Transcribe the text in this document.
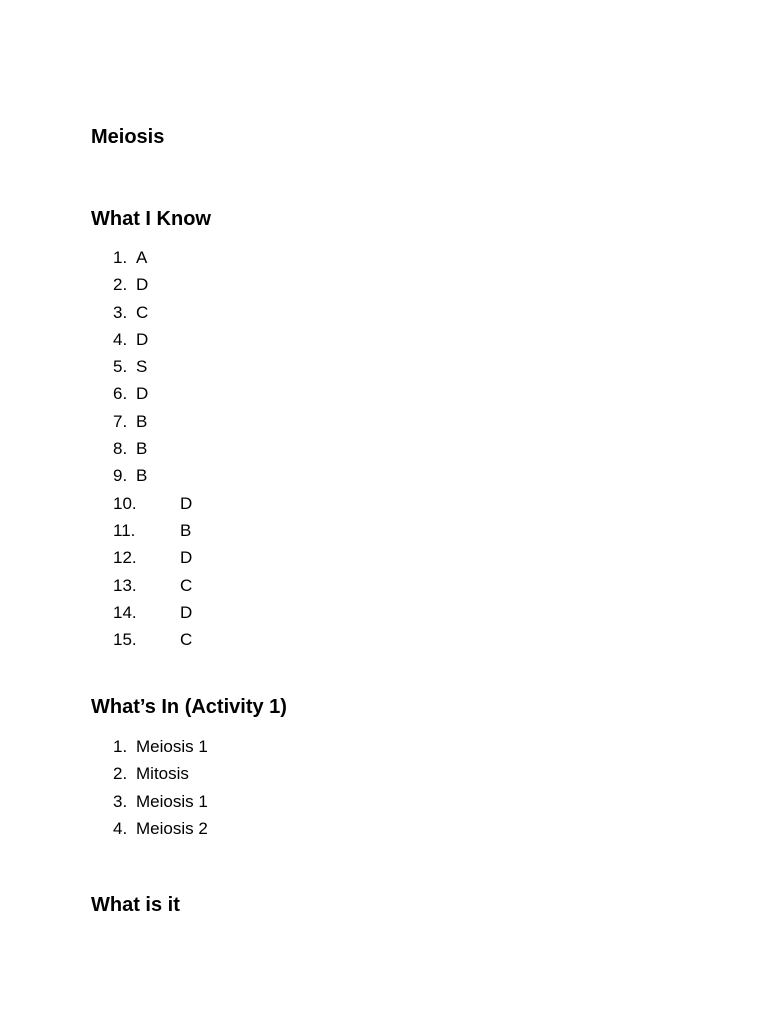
Meiosis
What I Know
1. A
2. D
3. C
4. D
5. S
6. D
7. B
8. B
9. B
10.	D
11.	B
12.	D
13.	C
14.	D
15.	C
What’s In (Activity 1)
1. Meiosis 1
2. Mitosis
3. Meiosis 1
4. Meiosis 2
What is it
